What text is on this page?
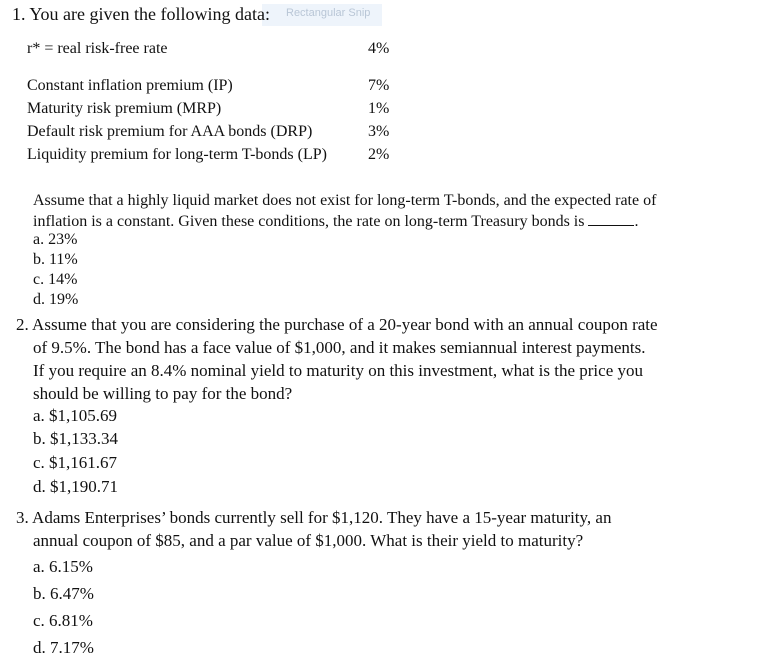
Rectangular Snip
1. You are given the following data:
r* = real risk-free rate	4%
Constant inflation premium (IP)	7%
Maturity risk premium (MRP)	1%
Default risk premium for AAA bonds (DRP)	3%
Liquidity premium for long-term T-bonds (LP)	2%
Assume that a highly liquid market does not exist for long-term T-bonds, and the expected rate of
inflation is a constant. Given these conditions, the rate on long-term Treasury bonds is	.
a. 23%
b. 11%
c. 14%
d. 19%
2. Assume that you are considering the purchase of a 20-year bond with an annual coupon rate
of 9.5%. The bond has a face value of $1,000, and it makes semiannual interest payments.
If you require an 8.4% nominal yield to maturity on this investment, what is the price you
should be willing to pay for the bond?
a. $1,105.69
b. $1,133.34
c. $1,161.67
d. $1,190.71
3. Adams Enterprises’ bonds currently sell for $1,120. They have a 15-year maturity, an
annual coupon of $85, and a par value of $1,000. What is their yield to maturity?
a. 6.15%
b. 6.47%
c. 6.81%
d. 7.17%
